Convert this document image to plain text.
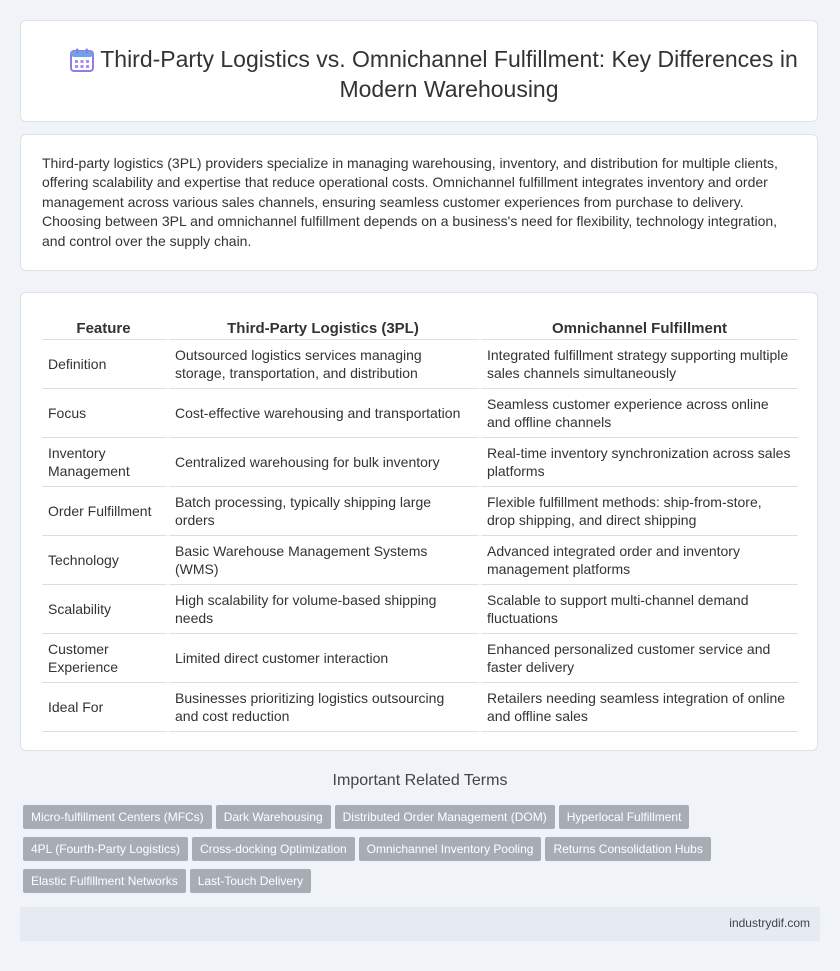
Third-Party Logistics vs. Omnichannel Fulfillment: Key Differences in Modern Warehousing

Third-party logistics (3PL) providers specialize in managing warehousing, inventory, and distribution for multiple clients, offering scalability and expertise that reduce operational costs. Omnichannel fulfillment integrates inventory and order management across various sales channels, ensuring seamless customer experiences from purchase to delivery. Choosing between 3PL and omnichannel fulfillment depends on a business's need for flexibility, technology integration, and control over the supply chain.

Feature	Third-Party Logistics (3PL)	Omnichannel Fulfillment
Definition	Outsourced logistics services managing storage, transportation, and distribution	Integrated fulfillment strategy supporting multiple sales channels simultaneously
Focus	Cost-effective warehousing and transportation	Seamless customer experience across online and offline channels
Inventory Management	Centralized warehousing for bulk inventory	Real-time inventory synchronization across sales platforms
Order Fulfillment	Batch processing, typically shipping large orders	Flexible fulfillment methods: ship-from-store, drop shipping, and direct shipping
Technology	Basic Warehouse Management Systems (WMS)	Advanced integrated order and inventory management platforms
Scalability	High scalability for volume-based shipping needs	Scalable to support multi-channel demand fluctuations
Customer Experience	Limited direct customer interaction	Enhanced personalized customer service and faster delivery
Ideal For	Businesses prioritizing logistics outsourcing and cost reduction	Retailers needing seamless integration of online and offline sales
Important Related Terms
Micro-fulfillment Centers (MFCs) Dark Warehousing Distributed Order Management (DOM) Hyperlocal Fulfillment
4PL (Fourth-Party Logistics) Cross-docking Optimization Omnichannel Inventory Pooling Returns Consolidation Hubs
Elastic Fulfillment Networks Last-Touch Delivery
industrydif.com
